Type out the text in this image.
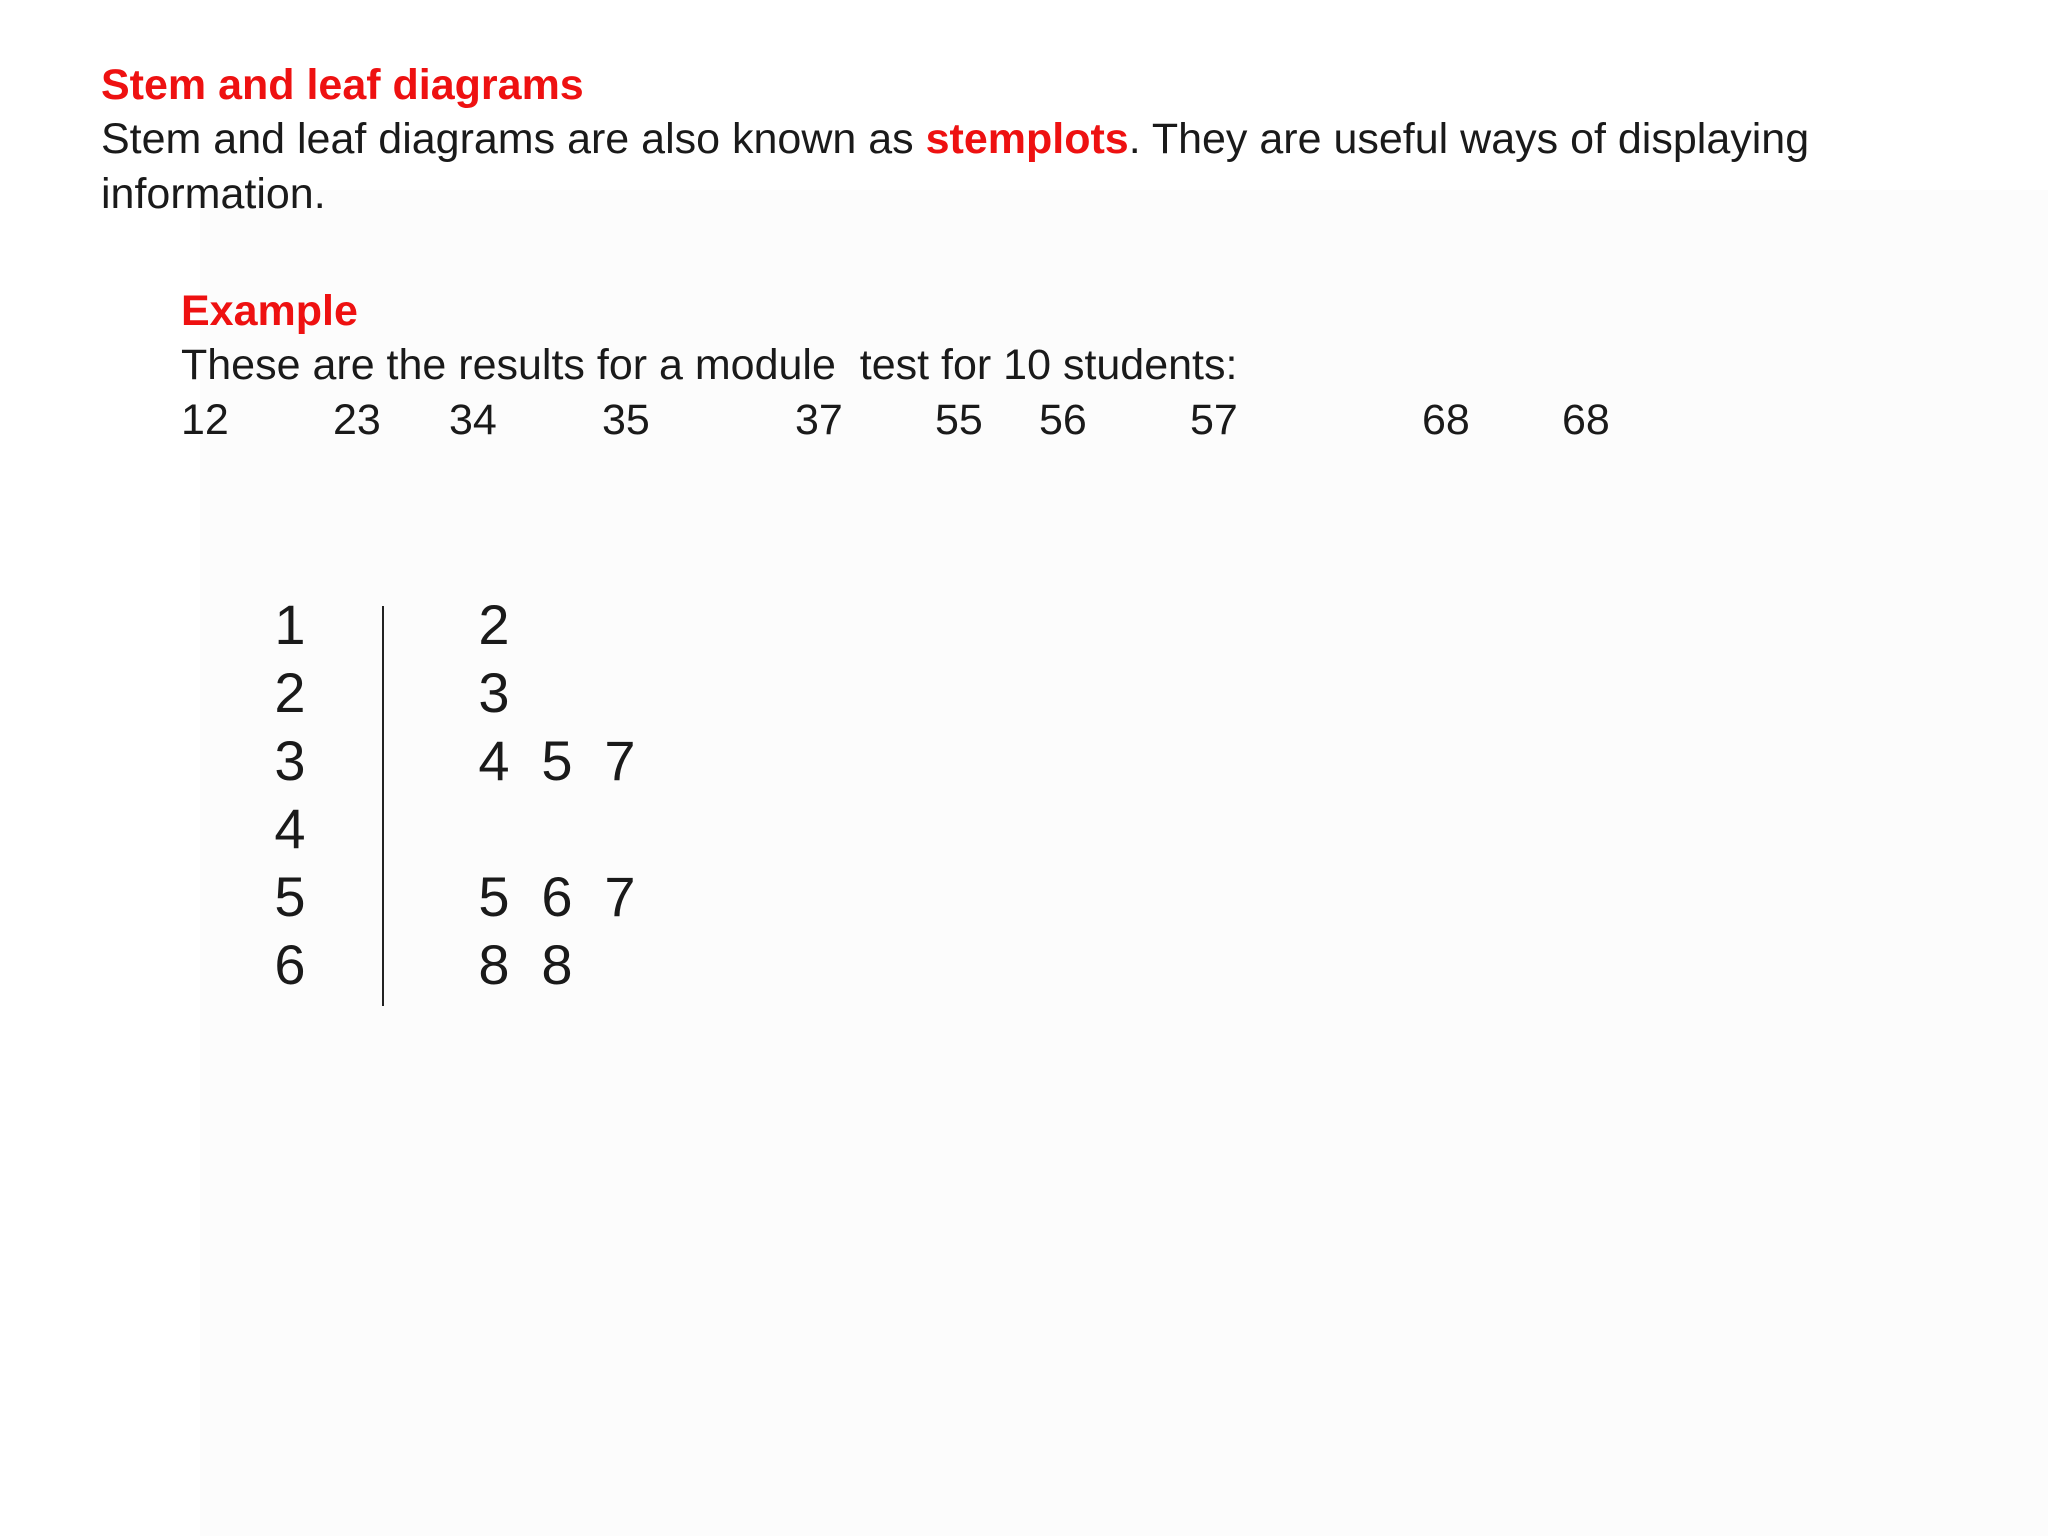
Stem and leaf diagrams
Stem and leaf diagrams are also known as stemplots. They are useful ways of displaying information.
Example
These are the results for a module  test for 10 students:
12 23 34 35	37 55 56 57	68 68
1
2
3
4
5
6
2
3
4 5 7
5 6 7
8 8
